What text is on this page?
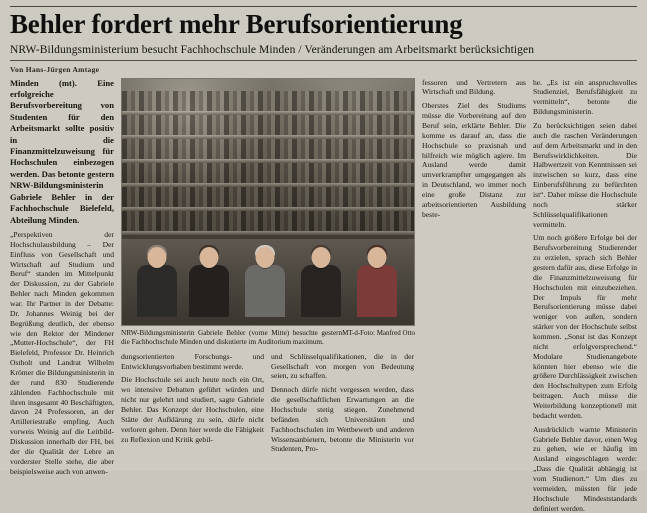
Behler fordert mehr Berufsorientierung
NRW-Bildungsministerium besucht Fachhochschule Minden / Veränderungen am Arbeitsmarkt berücksichtigen
Von Hans-Jürgen Amtage

Minden (mt). Eine erfolgreiche Berufsvorbereitung von Studenten für den Arbeitsmarkt sollte positiv in die Finanzmittelzuweisung für Hochschulen einbezogen werden. Das betonte gestern NRW-Bildungsministerin Gabriele Behler in der Fachhochschule Bielefeld, Abteilung Minden.

„Perspektiven der Hochschulausbildung – Der Einfluss von Gesellschaft und Wirtschaft auf Studium und Beruf“ standen im Mittelpunkt der Diskussion, zu der Gabriele Behler nach Minden gekommen war. Ihr Partner in der Debatte: Dr. Johannes Weinig bei der Begrüßung deutlich, der ebenso wie den Rektor der Mindener „Mutter-Hochschule“, der FH Bielefeld, Professor Dr. Heinrich Ostholt und Landrat Wilhelm Krömer die Bildungsministerin in der rund 830 Studierende zählenden Fachhochschule mit ihren insgesamt 40 Beschäftigten, davon 24 Professoren, an der Artilleriestraße empfing. Auch vorweis Weinig auf die Leitbild-Diskussion innerhalb der FH, bei der die Qualität der Lehre an vorderster Stelle stehe, die aber beispielsweise auch von anwen-

MT-d-Foto: Manfred Otto
NRW-Bildungsministerin Gabriele Behler (vorne Mitte) besuchte gestern die Fachhochschule Minden und diskutierte im Auditorium maximum.

dungsorientierten Forschungs- und Entwicklungsvorhaben bestimmt werde.

Die Hochschule sei auch heute noch ein Ort, wo intensive Debatten geführt würden und nicht nur gelehrt und studiert, sagte Gabriele Behler. Das Konzept der Hochschulen, eine Stätte der Aufklärung zu sein, dürfe nicht verloren gehen. Denn hier werde die Fähigkeit zu Reflexion und Kritik gebil-

und Schlüsselqualifikationen, die in der Gesellschaft von morgen von Bedeutung seien, zu schaffen.

Dennoch dürfe nicht vergessen werden, dass die gesellschaftlichen Erwartungen an die Hochschule stetig stiegen. Zunehmend befänden sich Universitäten und Fachhochschulen im Wettbewerb und anderen Wissensanbietern, betonte die Ministerin vor Studenten, Pro-

fessoren und Vertretern aus Wirtschaft und Bildung.

Oberstes Ziel des Studiums müsse die Vorbereitung auf den Beruf sein, erklärte Behler. Die komme es darauf an, dass die Hochschule so praxisnah und hilfreich wie möglich agiere. Im Ausland werde damit umverkrampfter umgegangen als in Deutschland, wo immer noch eine große Distanz zur arbeitsorientierten Ausbildung beste-

he. „Es ist ein anspruchsvolles Studienziel, Berufsfähigkeit zu vermitteln“, betonte die Bildungsministerin.

Zu berücksichtigen seien dabei auch die raschen Veränderungen auf dem Arbeitsmarkt und in den Berufswirklichkeiten. Die Halbwertzeit von Kenntnissen sei inzwischen so kurz, dass eine Einberufsführung zu befürchten ist“. Daher müsse die Hochschule noch stärker Schlüsselqualifikationen vermitteln.

Um noch größere Erfolge bei der Berufsvorbereitung Studierender zu erzielen, sprach sich Behler gestern dafür aus, diese Erfolge in die Finanzmittelzuweisung für Hochschulen mit einzubeziehen. Der Impuls für mehr Berufsorientierung müsse dabei weniger von außen, sondern stärker von der Hochschule selbst kommen. „Sonst ist das Konzept nicht erfolgversprechend.“ Modulare Studienangebote könnten hier ebenso wie die größere Durchlässigkeit zwischen den Hochschultypen zum Erfolg beitragen. Auch müsse die Weiterbildung konzeptionell mit bedacht werden.

Ausdrücklich warnte Ministerin Gabriele Behler davor, einen Weg zu gehen, wie er häufig im Ausland eingeschlagen werde: „Dass die Qualität abhängig ist vom Studienort.“ Um dies zu vermeiden, müssten für jede Hochschule Mindeststandards definiert werden.
